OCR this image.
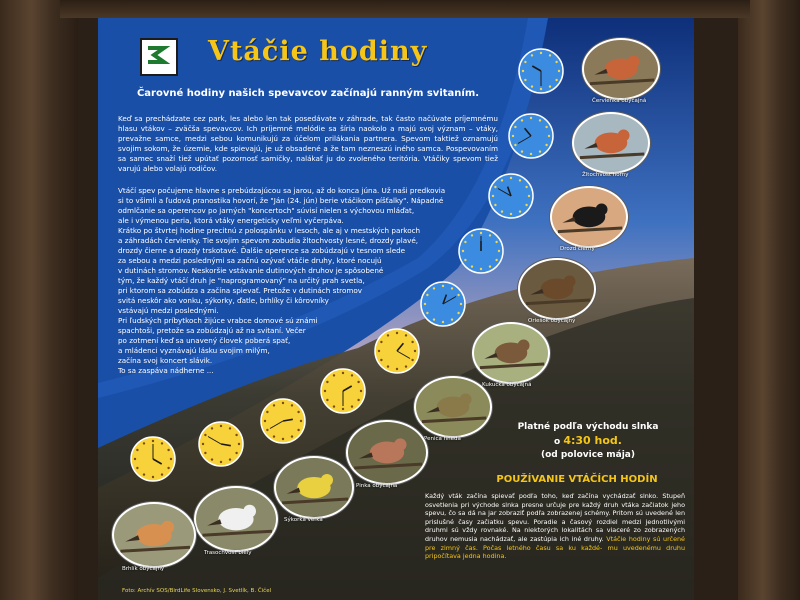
Vtáčie hodiny
Čarovné hodiny našich spevavcov začínajú ranným svitaním.
Keď sa prechádzate cez park, les alebo len tak posedávate v záhrade, tak často načúvate príjemnému hlasu vtákov – zväčša spevavcov. Ich príjemné melódie sa šíria naokolo a majú svoj význam – vtáky, prevažne samce, medzi sebou komunikujú za účelom prilákania partnera. Spevom taktiež oznamujú svojim sokom, že územie, kde spievajú, je už obsadené a že tam nezneszú iného samca. Pospevovaním sa samec snaží tiež upútať pozornosť samičky, nalákať ju do zvoleného teritória. Vtáčiky spevom tiež varujú alebo volajú rodičov.
Vtáčí spev počujeme hlavne s prebúdzajúcou sa jarou, až do konca júna. Už naši predkovia
si to všimli a ľudová pranostika hovorí, že "Ján (24. jún) berie vtáčikom píšťalky". Nápadné
odmlčanie sa operencov po jarných "koncertoch" súvisí nielen s výchovou mláďat,
ale i výmenou peria, ktorá vtáky energeticky veľmi vyčerpáva.
Krátko po štvrtej hodine precitnú z polospánku v lesoch, ale aj v mestských parkoch
a záhradách červienky. Tie svojim spevom zobudia žltochvosty lesné, drozdy plavé,
drozdy čierne a drozdy trskotavé. Ďalšie operence sa zobúdzajú v tesnom slede
za sebou a medzi poslednými sa začnú ozývať vtáčie druhy, ktoré nocujú
v dutinách stromov. Neskoršie vstávanie dutinových druhov je spôsobené
tým, že každý vtáčí druh je "naprogramovaný" na určitý prah svetla,
pri ktorom sa zobúdza a začína spievať. Pretože v dutinách stromov
svitá neskôr ako vonku, sýkorky, ďatle, brhlíky či kôrovníky
vstávajú medzi poslednými.
Pri ľudských príbytkoch žijúce vrabce domové sú známi
spachtoši, pretože sa zobúdzajú až na svitaní. Večer
po zotmení keď sa unavený človek poberá spať,
a mládenci vyznávajú lásku svojim milým,
začína svoj koncert slávik.
To sa zaspáva nádherne ...
Červienka obyčajná
Žltochvost hôrny
Drozd čierny
Oriešok obyčajný
Kukučka obyčajná
Penica hnedá
Pinka obyčajná
Sýkorka veľká
Trasochvost biely
Brhlík obyčajný
Platné podľa východu slnka
o 4:30 hod.
(od polovice mája)
POUŽÍVANIE VTÁČÍCH HODÍN
Každý vták začína spievať podľa toho, keď začína vychádzať slnko. Stupeň osvetlenia pri východe slnka presne určuje pre každý druh vtáka začiatok jeho spevu, čo sa dá na jar zobraziť podľa zobrazenej schémy. Pritom sú uvedené len prislušné časy začiatku spevu. Poradie a časový rozdiel medzi jednotlivými druhmi sú vždy rovnaké. Na niektorých lokalitách sa viaceré zo zobrazených druhov nemusia nachádzať, ale zastúpia ich iné druhy. Vtáčie hodiny sú určené pre zimný čas. Počas letného času sa ku každé- mu uvedenému druhu pripočítava jedna hodina.
Foto: Archív SOS/BirdLife Slovensko, J. Svetlík, B. Čičel
